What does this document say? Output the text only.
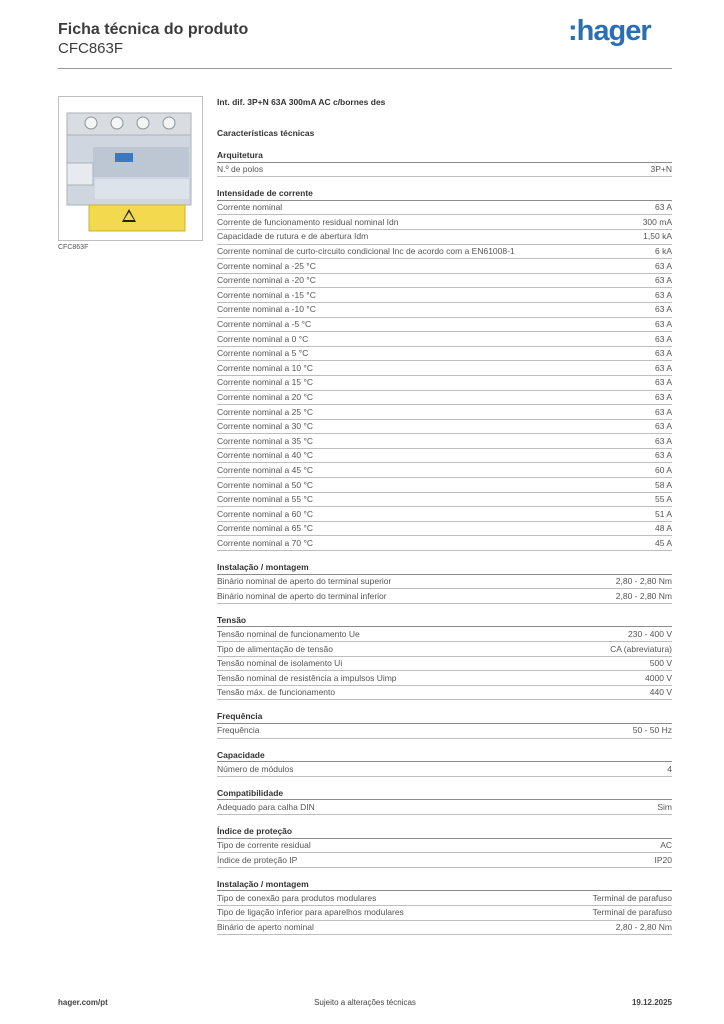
Ficha técnica do produto
CFC863F
:hager
CFC863F
Int. dif. 3P+N 63A 300mA AC c/bornes des
Características técnicas
Arquitetura
N.º de polos	3P+N
Intensidade de corrente
Corrente nominal	63 A
Corrente de funcionamento residual nominal Idn	300 mA
Capacidade de rutura e de abertura Idm	1,50 kA
Corrente nominal de curto-circuito condicional Inc de acordo com a EN61008-1	6 kA
Corrente nominal a -25 °C	63 A
Corrente nominal a -20 °C	63 A
Corrente nominal a -15 °C	63 A
Corrente nominal a -10 °C	63 A
Corrente nominal a -5 °C	63 A
Corrente nominal a 0 °C	63 A
Corrente nominal a 5 °C	63 A
Corrente nominal a 10 °C	63 A
Corrente nominal a 15 °C	63 A
Corrente nominal a 20 °C	63 A
Corrente nominal a 25 °C	63 A
Corrente nominal a 30 °C	63 A
Corrente nominal a 35 °C	63 A
Corrente nominal a 40 °C	63 A
Corrente nominal a 45 °C	60 A
Corrente nominal a 50 °C	58 A
Corrente nominal a 55 °C	55 A
Corrente nominal a 60 °C	51 A
Corrente nominal a 65 °C	48 A
Corrente nominal a 70 °C	45 A
Instalação / montagem
Binário nominal de aperto do terminal superior	2,80 - 2,80 Nm
Binário nominal de aperto do terminal inferior	2,80 - 2,80 Nm
Tensão
Tensão nominal de funcionamento Ue	230 - 400 V
Tipo de alimentação de tensão	CA (abreviatura)
Tensão nominal de isolamento Ui	500 V
Tensão nominal de resistência a impulsos Uimp	4000 V
Tensão máx. de funcionamento	440 V
Frequência
Frequência	50 - 50 Hz
Capacidade
Número de módulos	4
Compatibilidade
Adequado para calha DIN	Sim
Índice de proteção
Tipo de corrente residual	AC
Índice de proteção IP	IP20
Instalação / montagem
Tipo de conexão para produtos modulares	Terminal de parafuso
Tipo de ligação inferior para aparelhos modulares	Terminal de parafuso
Binário de aperto nominal	2,80 - 2,80 Nm
hager.com/pt	Sujeito a alterações técnicas	19.12.2025
